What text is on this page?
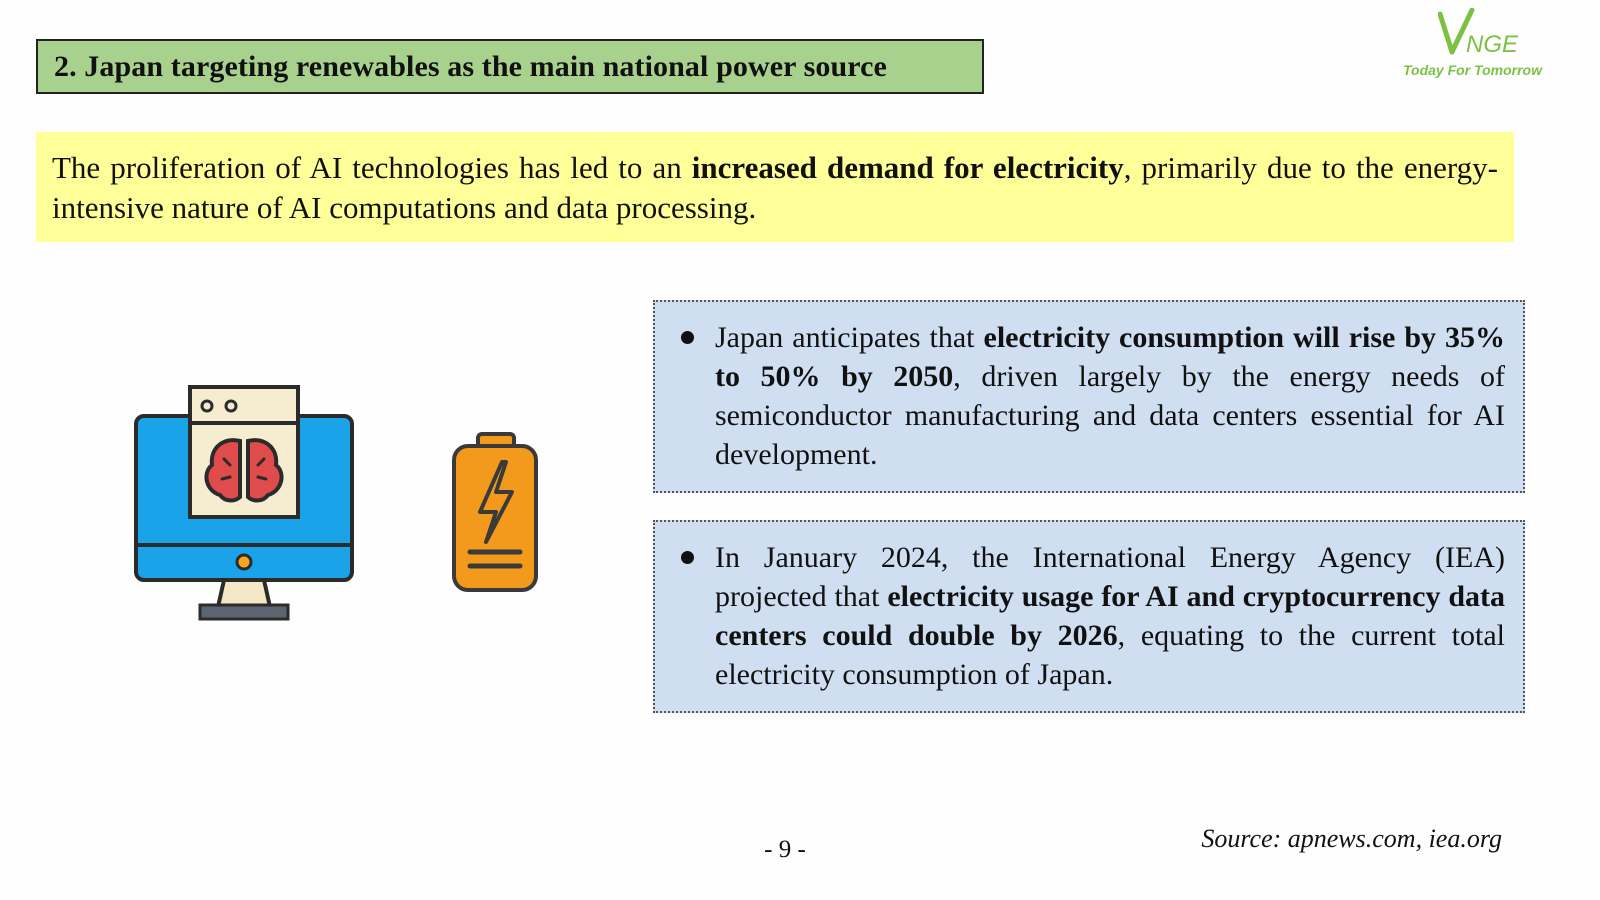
2. Japan targeting renewables as the main national power source
NGE
Today For Tomorrow
The proliferation of AI technologies has led to an increased demand for electricity, primarily due to the energy-intensive nature of AI computations and data processing.
Japan anticipates that electricity consumption will rise by 35% to 50% by 2050, driven largely by the energy needs of semiconductor manufacturing and data centers essential for AI development.
In January 2024, the International Energy Agency (IEA) projected that electricity usage for AI and cryptocurrency data centers could double by 2026, equating to the current total electricity consumption of Japan.
- 9 -	Source: apnews.com, iea.org
